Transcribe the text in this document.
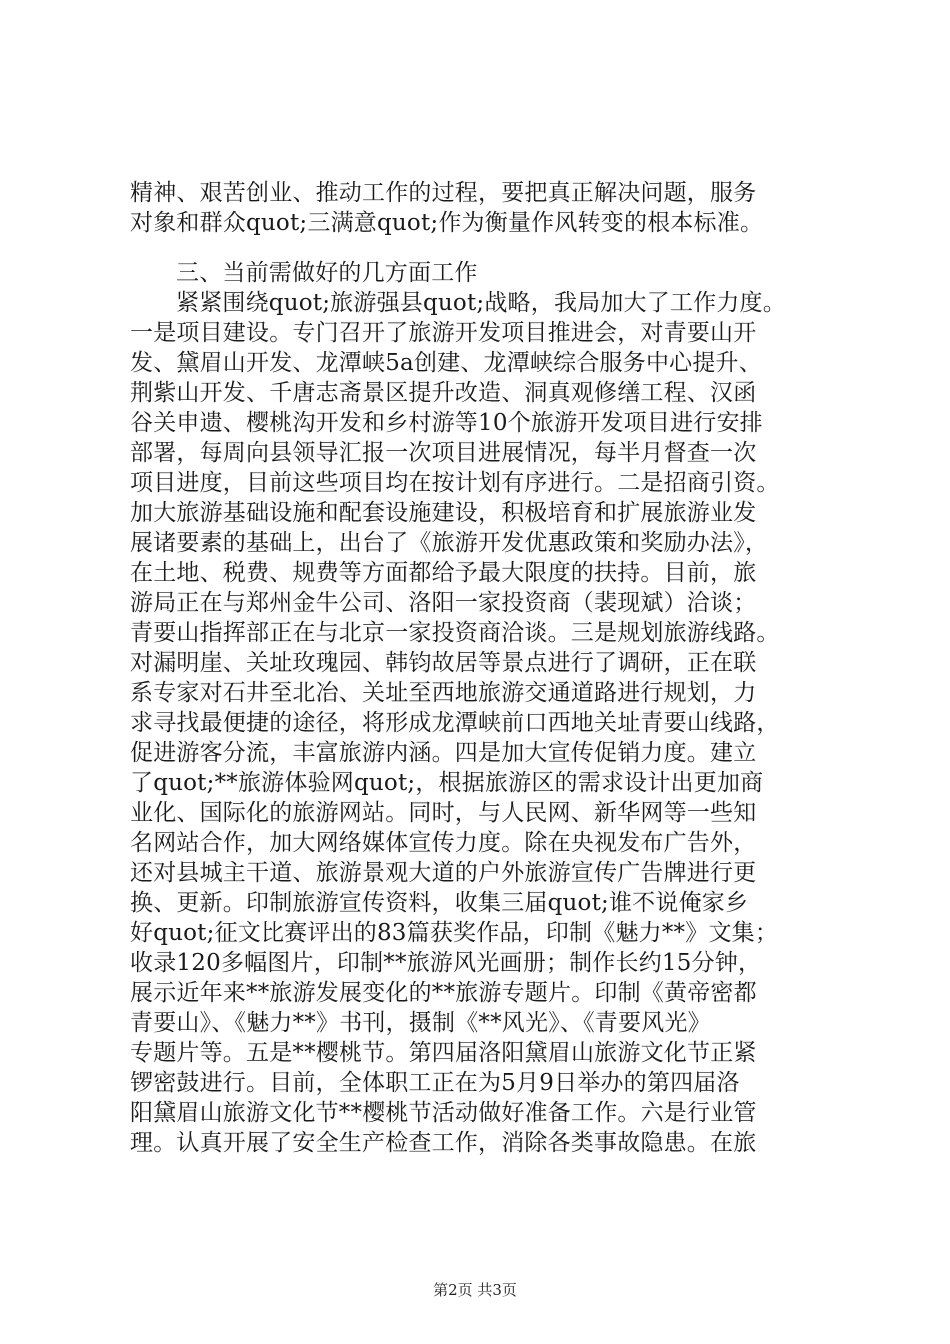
精神、艰苦创业、推动工作的过程，要把真正解决问题，服务
对象和群众quot;三满意quot;作为衡量作风转变的根本标准。
三、当前需做好的几方面工作
紧紧围绕quot;旅游强县quot;战略，我局加大了工作力度。
一是项目建设。专门召开了旅游开发项目推进会，对青要山开
发、黛眉山开发、龙潭峡5a创建、龙潭峡综合服务中心提升、
荆紫山开发、千唐志斋景区提升改造、洞真观修缮工程、汉函
谷关申遗、樱桃沟开发和乡村游等10个旅游开发项目进行安排
部署，每周向县领导汇报一次项目进展情况，每半月督查一次
项目进度，目前这些项目均在按计划有序进行。二是招商引资。
加大旅游基础设施和配套设施建设，积极培育和扩展旅游业发
展诸要素的基础上，出台了《旅游开发优惠政策和奖励办法》，
在土地、税费、规费等方面都给予最大限度的扶持。目前，旅
游局正在与郑州金牛公司、洛阳一家投资商（裴现斌）洽谈；
青要山指挥部正在与北京一家投资商洽谈。三是规划旅游线路。
对漏明崖、关址玫瑰园、韩钧故居等景点进行了调研，正在联
系专家对石井至北冶、关址至西地旅游交通道路进行规划，力
求寻找最便捷的途径，将形成龙潭峡前口西地关址青要山线路，
促进游客分流，丰富旅游内涵。四是加大宣传促销力度。建立
了quot;**旅游体验网quot;，根据旅游区的需求设计出更加商
业化、国际化的旅游网站。同时，与人民网、新华网等一些知
名网站合作，加大网络媒体宣传力度。除在央视发布广告外，
还对县城主干道、旅游景观大道的户外旅游宣传广告牌进行更
换、更新。印制旅游宣传资料，收集三届quot;谁不说俺家乡
好quot;征文比赛评出的83篇获奖作品，印制《魅力**》文集；
收录120多幅图片，印制**旅游风光画册；制作长约15分钟，
展示近年来**旅游发展变化的**旅游专题片。印制《黄帝密都
青要山》、《魅力**》书刊，摄制《**风光》、《青要风光》
专题片等。五是**樱桃节。第四届洛阳黛眉山旅游文化节正紧
锣密鼓进行。目前，全体职工正在为5月9日举办的第四届洛
阳黛眉山旅游文化节**樱桃节活动做好准备工作。六是行业管
理。认真开展了安全生产检查工作，消除各类事故隐患。在旅
第2页 共3页
